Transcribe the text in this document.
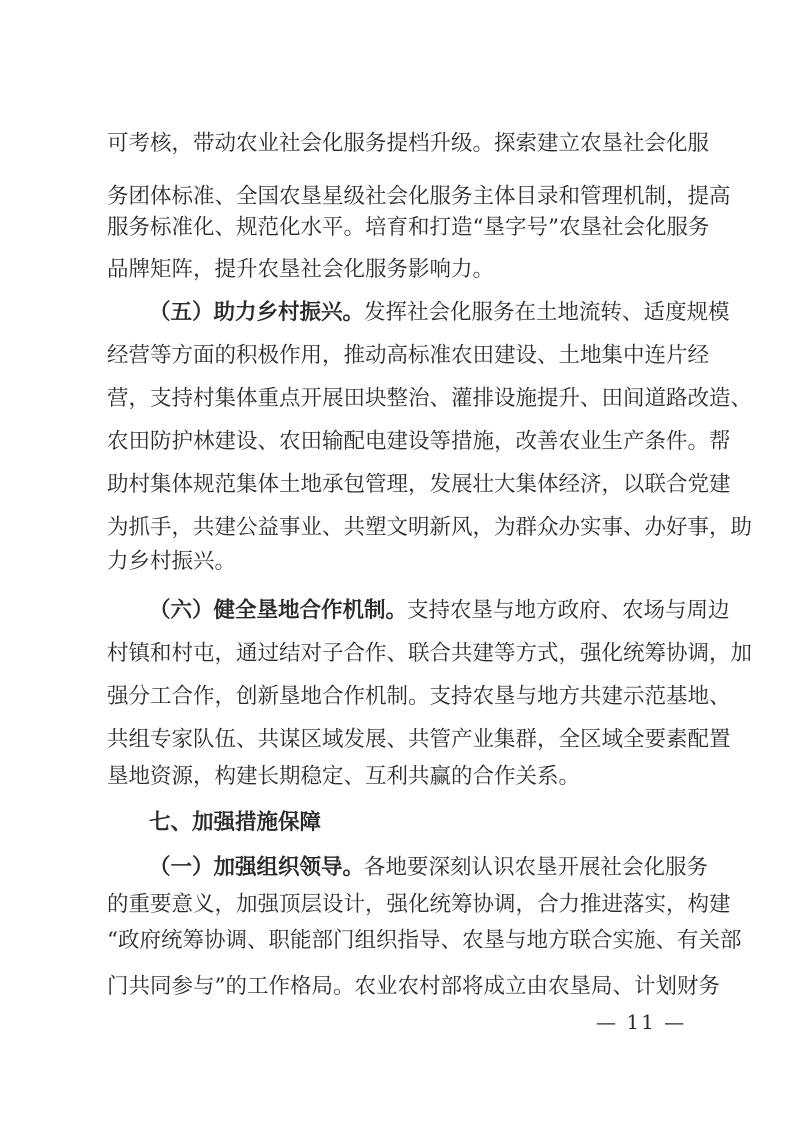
可考核，带动农业社会化服务提档升级。探索建立农垦社会化服
务团体标准、全国农垦星级社会化服务主体目录和管理机制，提高
服务标准化、规范化水平。培育和打造“垦字号”农垦社会化服务
品牌矩阵，提升农垦社会化服务影响力。
（五）助力乡村振兴。发挥社会化服务在土地流转、适度规模
经营等方面的积极作用，推动高标准农田建设、土地集中连片经
营，支持村集体重点开展田块整治、灌排设施提升、田间道路改造、
农田防护林建设、农田输配电建设等措施，改善农业生产条件。帮
助村集体规范集体土地承包管理，发展壮大集体经济，以联合党建
为抓手，共建公益事业、共塑文明新风，为群众办实事、办好事，助
力乡村振兴。
（六）健全垦地合作机制。支持农垦与地方政府、农场与周边
村镇和村屯，通过结对子合作、联合共建等方式，强化统筹协调，加
强分工合作，创新垦地合作机制。支持农垦与地方共建示范基地、
共组专家队伍、共谋区域发展、共管产业集群，全区域全要素配置
垦地资源，构建长期稳定、互利共赢的合作关系。
七、加强措施保障
（一）加强组织领导。各地要深刻认识农垦开展社会化服务
的重要意义，加强顶层设计，强化统筹协调，合力推进落实，构建
“政府统筹协调、职能部门组织指导、农垦与地方联合实施、有关部
门共同参与”的工作格局。农业农村部将成立由农垦局、计划财务
— 11 —
